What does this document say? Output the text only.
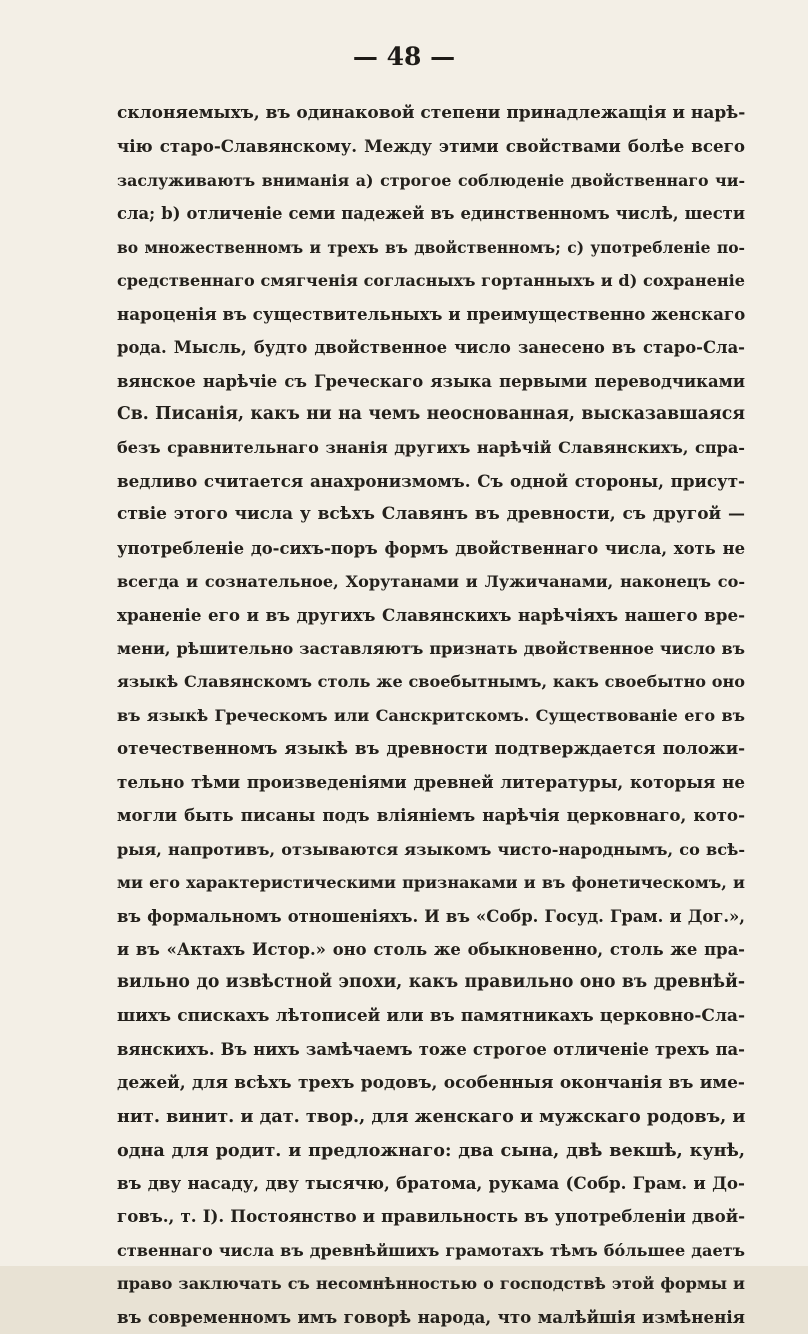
— 48 —
склоняемыхъ, въ одинаковой степени принадлежащія и нарѣ-
чію старо-Славянскому. Между этими свойствами болѣе всего
заслуживаютъ вниманія а) строгое соблюденіе двойственнаго чи-
сла; b) отличеніе семи падежей въ единственномъ числѣ, шести
во множественномъ и трехъ въ двойственномъ; с) употребленіе по-
средственнаго смягченія согласныхъ гортанныхъ и d) сохраненіе
нароценія въ существительныхъ и преимущественно женскаго
рода. Мысль, будто двойственное число занесено въ старо-Сла-
вянское нарѣчіе съ Греческаго языка первыми переводчиками
Св. Писанія, какъ ни на чемъ неоснованная, высказавшаяся
безъ сравнительнаго знанія другихъ нарѣчій Славянскихъ, спра-
ведливо считается анахронизмомъ. Съ одной стороны, присут-
ствіе этого числа у всѣхъ Славянъ въ древности, съ другой —
употребленіе до-сихъ-поръ формъ двойственнаго числа, хоть не
всегда и сознательное, Хорутанами и Лужичанами, наконецъ со-
храненіе его и въ другихъ Славянскихъ нарѣчіяхъ нашего вре-
мени, рѣшительно заставляютъ признать двойственное число въ
языкѣ Славянскомъ столь же своебытнымъ, какъ своебытно оно
въ языкѣ Греческомъ или Санскритскомъ. Существованіе его въ
отечественномъ языкѣ въ древности подтверждается положи-
тельно тѣми произведеніями древней литературы, которыя не
могли быть писаны подъ вліяніемъ нарѣчія церковнаго, кото-
рыя, напротивъ, отзываются языкомъ чисто-народнымъ, со всѣ-
ми его характеристическими признаками и въ фонетическомъ, и
въ формальномъ отношеніяхъ. И въ «Собр. Госуд. Грам. и Дог.»,
и въ «Актахъ Истор.» оно столь же обыкновенно, столь же пра-
вильно до извѣстной эпохи, какъ правильно оно въ древнѣй-
шихъ спискахъ лѣтописей или въ памятникахъ церковно-Сла-
вянскихъ. Въ нихъ замѣчаемъ тоже строгое отличеніе трехъ па-
дежей, для всѣхъ трехъ родовъ, особенныя окончанія въ име-
нит. винит. и дат. твор., для женскаго и мужскаго родовъ, и
одна для родит. и предложнаго: два сына, двѣ векшѣ, кунѣ,
въ дву насаду, дву тысячю, братома, рукама (Собр. Грам. и До-
говъ., т. I). Постоянство и правильность въ употребленіи двой-
ственнаго числа въ древнѣйшихъ грамотахъ тѣмъ бóльшее даетъ
право заключать съ несомнѣнностью о господствѣ этой формы и
въ современномъ имъ говорѣ народа, что малѣйшія измѣненія
